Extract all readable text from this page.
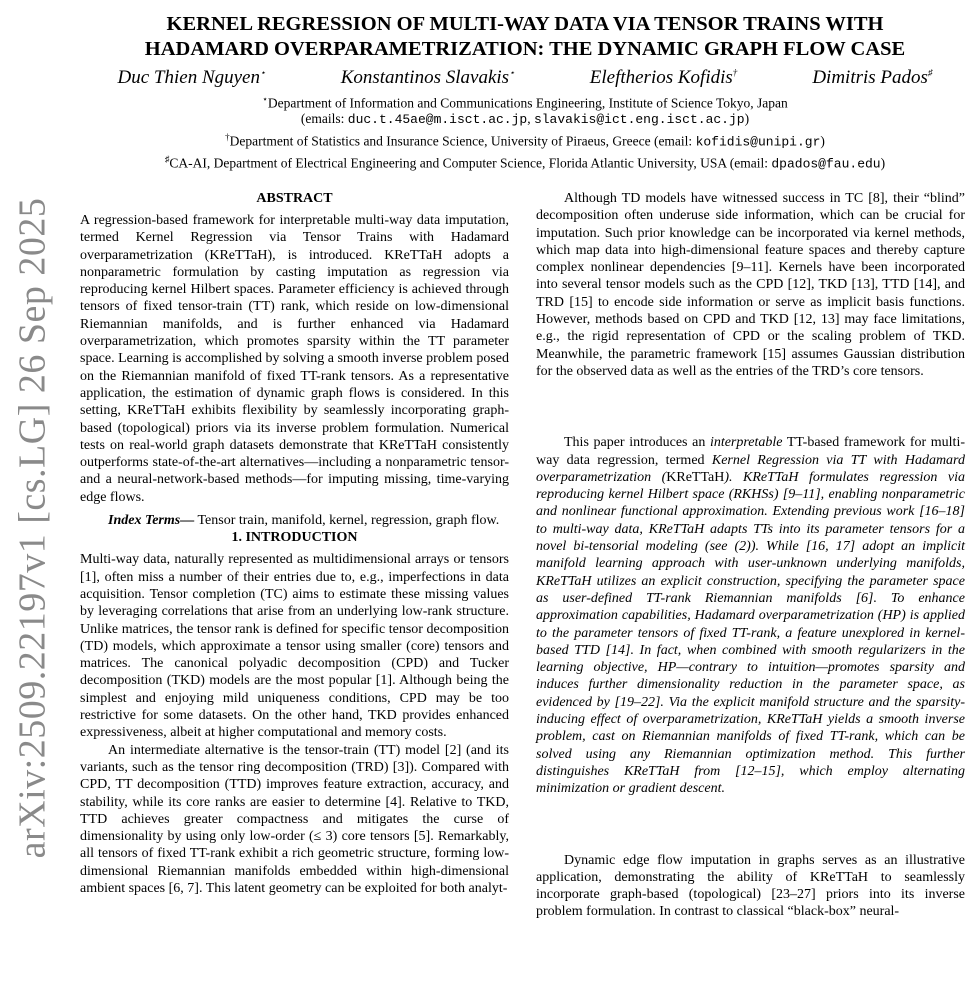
arXiv:2509.22197v1 [cs.LG] 26 Sep 2025
KERNEL REGRESSION OF MULTI-WAY DATA VIA TENSOR TRAINS WITH
HADAMARD OVERPARAMETRIZATION: THE DYNAMIC GRAPH FLOW CASE
Duc Thien Nguyen⋆	Konstantinos Slavakis⋆	Eleftherios Kofidis†	Dimitris Pados♯
⋆Department of Information and Communications Engineering, Institute of Science Tokyo, Japan
(emails: duc.t.45ae@m.isct.ac.jp, slavakis@ict.eng.isct.ac.jp)
†Department of Statistics and Insurance Science, University of Piraeus, Greece (email: kofidis@unipi.gr)
♯CA-AI, Department of Electrical Engineering and Computer Science, Florida Atlantic University, USA (email: dpados@fau.edu)
ABSTRACT

A regression-based framework for interpretable multi-way data imputation, termed Kernel Regression via Tensor Trains with Hadamard overparametrization (KReTTaH), is introduced. KReTTaH adopts a nonparametric formulation by casting imputation as regression via reproducing kernel Hilbert spaces. Parameter efficiency is achieved through tensors of fixed tensor-train (TT) rank, which reside on low-dimensional Riemannian manifolds, and is further enhanced via Hadamard overparametrization, which promotes sparsity within the TT parameter space. Learning is accomplished by solving a smooth inverse problem posed on the Riemannian manifold of fixed TT-rank tensors. As a representative application, the estimation of dynamic graph flows is considered. In this setting, KReTTaH exhibits flexibility by seamlessly incorporating graph-based (topological) priors via its inverse problem formulation. Numerical tests on real-world graph datasets demonstrate that KReTTaH consistently outperforms state-of-the-art alternatives—including a nonparametric tensor- and a neural-network-based methods—for imputing missing, time-varying edge flows.

Index Terms— Tensor train, manifold, kernel, regression, graph flow.

1. INTRODUCTION

Multi-way data, naturally represented as multidimensional arrays or tensors [1], often miss a number of their entries due to, e.g., imperfections in data acquisition. Tensor completion (TC) aims to estimate these missing values by leveraging correlations that arise from an underlying low-rank structure. Unlike matrices, the tensor rank is defined for specific tensor decomposition (TD) models, which approximate a tensor using smaller (core) tensors and matrices. The canonical polyadic decomposition (CPD) and Tucker decomposition (TKD) models are the most popular [1]. Although being the simplest and enjoying mild uniqueness conditions, CPD may be too restrictive for some datasets. On the other hand, TKD provides enhanced expressiveness, albeit at higher computational and memory costs.

An intermediate alternative is the tensor-train (TT) model [2] (and its variants, such as the tensor ring decomposition (TRD) [3]). Compared with CPD, TT decomposition (TTD) improves feature extraction, accuracy, and stability, while its core ranks are easier to determine [4]. Relative to TKD, TTD achieves greater compactness and mitigates the curse of dimensionality by using only low-order (≤ 3) core tensors [5]. Remarkably, all tensors of fixed TT-rank exhibit a rich geometric structure, forming low-dimensional Riemannian manifolds embedded within high-dimensional ambient spaces [6, 7]. This latent geometry can be exploited for both analyt-

Although TD models have witnessed success in TC [8], their “blind” decomposition often underuse side information, which can be crucial for imputation. Such prior knowledge can be incorporated via kernel methods, which map data into high-dimensional feature spaces and thereby capture complex nonlinear dependencies [9–11]. Kernels have been incorporated into several tensor models such as the CPD [12], TKD [13], TTD [14], and TRD [15] to encode side information or serve as implicit basis functions. However, methods based on CPD and TKD [12, 13] may face limitations, e.g., the rigid representation of CPD or the scaling problem of TKD. Meanwhile, the parametric framework [15] assumes Gaussian distribution for the observed data as well as the entries of the TRD’s core tensors.

This paper introduces an interpretable TT-based framework for multi-way data regression, termed Kernel Regression via TT with Hadamard overparametrization (KReTTaH). KReTTaH formulates regression via reproducing kernel Hilbert space (RKHSs) [9–11], enabling nonparametric and nonlinear functional approximation. Extending previous work [16–18] to multi-way data, KReTTaH adapts TTs into its parameter tensors for a novel bi-tensorial modeling (see (2)). While [16, 17] adopt an implicit manifold learning approach with user-unknown underlying manifolds, KReTTaH utilizes an explicit construction, specifying the parameter space as user-defined TT-rank Riemannian manifolds [6]. To enhance approximation capabilities, Hadamard overparametrization (HP) is applied to the parameter tensors of fixed TT-rank, a feature unexplored in kernel-based TTD [14]. In fact, when combined with smooth regularizers in the learning objective, HP—contrary to intuition—promotes sparsity and induces further dimensionality reduction in the parameter space, as evidenced by [19–22]. Via the explicit manifold structure and the sparsity-inducing effect of overparametrization, KReTTaH yields a smooth inverse problem, cast on Riemannian manifolds of fixed TT-rank, which can be solved using any Riemannian optimization method. This further distinguishes KReTTaH from [12–15], which employ alternating minimization or gradient descent.

Dynamic edge flow imputation in graphs serves as an illustrative application, demonstrating the ability of KReTTaH to seamlessly incorporate graph-based (topological) [23–27] priors into its inverse problem formulation. In contrast to classical “black-box” neural-
